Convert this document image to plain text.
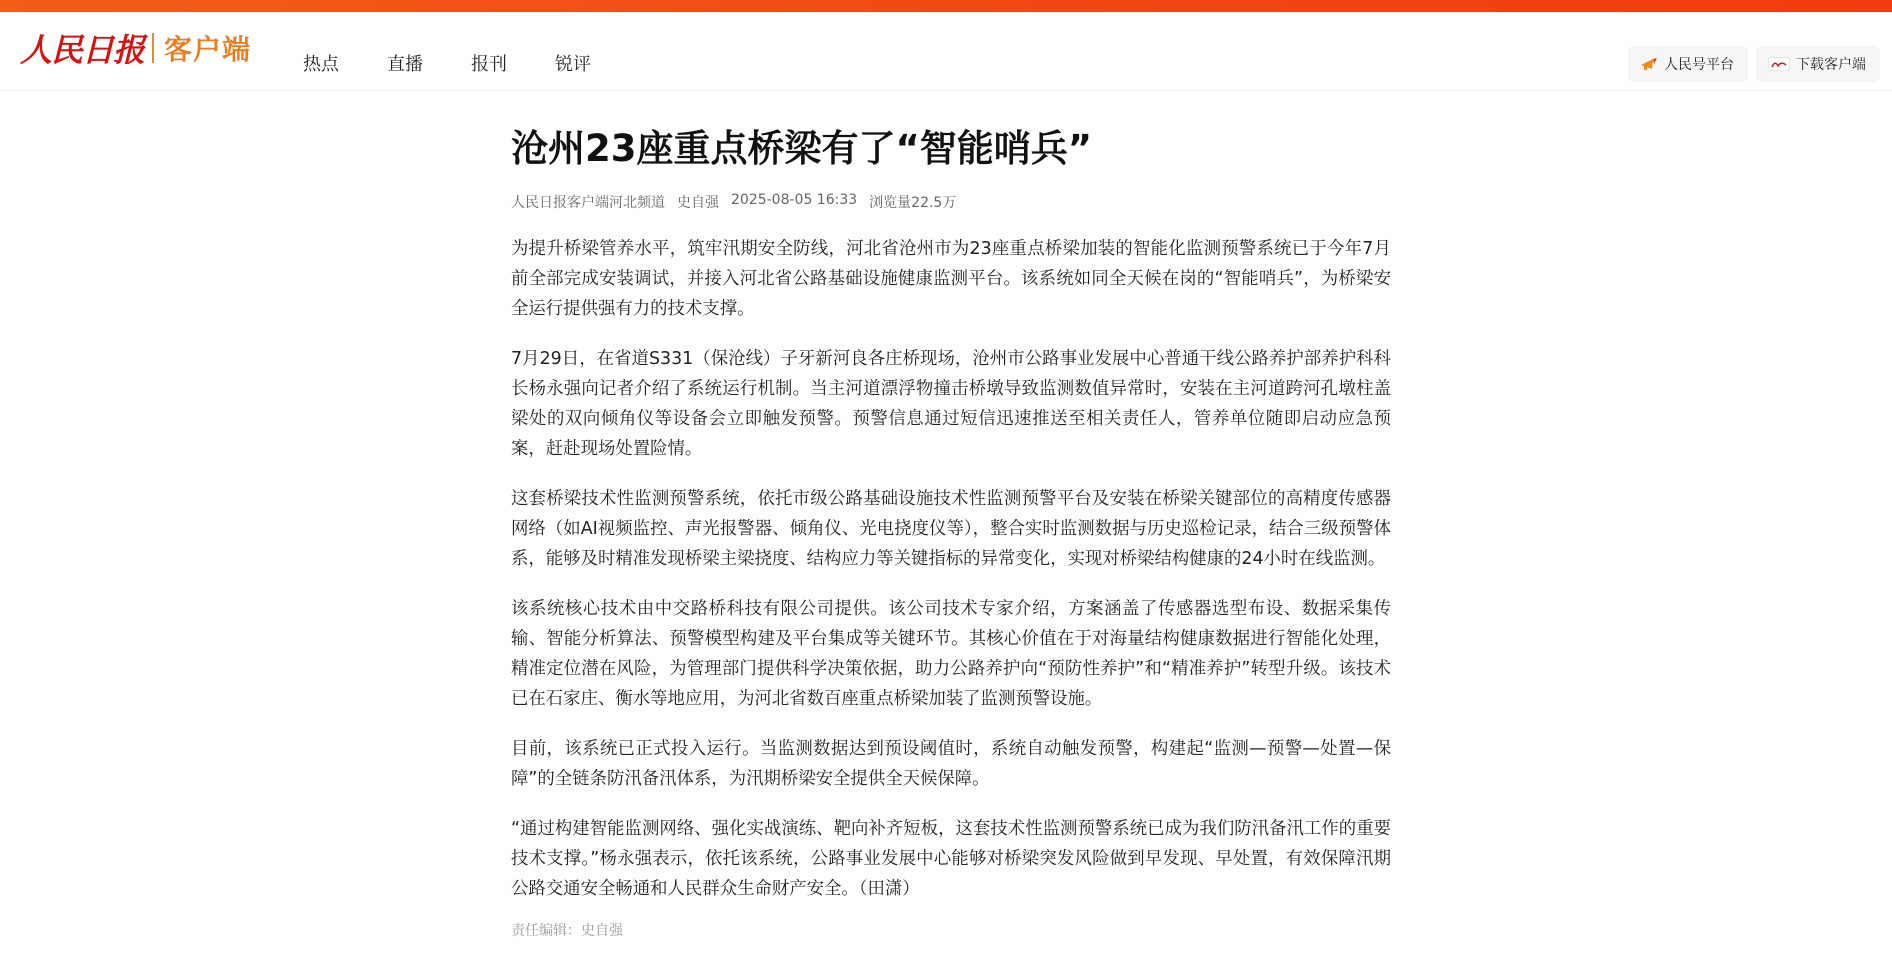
人民日报 客户端	热点	直播	报刊	锐评	人民号平台	下载客户端
沧州23座重点桥梁有了“智能哨兵”
人民日报客户端河北频道 史自强 2025-08-05 16:33 浏览量22.5万

为提升桥梁管养水平，筑牢汛期安全防线，河北省沧州市为23座重点桥梁加装的智能化监测预警系统已于今年7月前全部完成安装调试，并接入河北省公路基础设施健康监测平台。该系统如同全天候在岗的“智能哨兵”，为桥梁安全运行提供强有力的技术支撑。

7月29日，在省道S331（保沧线）子牙新河良各庄桥现场，沧州市公路事业发展中心普通干线公路养护部养护科科长杨永强向记者介绍了系统运行机制。当主河道漂浮物撞击桥墩导致监测数值异常时，安装在主河道跨河孔墩柱盖梁处的双向倾角仪等设备会立即触发预警。预警信息通过短信迅速推送至相关责任人，管养单位随即启动应急预案，赶赴现场处置险情。

这套桥梁技术性监测预警系统，依托市级公路基础设施技术性监测预警平台及安装在桥梁关键部位的高精度传感器网络（如AI视频监控、声光报警器、倾角仪、光电挠度仪等），整合实时监测数据与历史巡检记录，结合三级预警体系，能够及时精准发现桥梁主梁挠度、结构应力等关键指标的异常变化，实现对桥梁结构健康的24小时在线监测。

该系统核心技术由中交路桥科技有限公司提供。该公司技术专家介绍，方案涵盖了传感器选型布设、数据采集传输、智能分析算法、预警模型构建及平台集成等关键环节。其核心价值在于对海量结构健康数据进行智能化处理，精准定位潜在风险，为管理部门提供科学决策依据，助力公路养护向“预防性养护”和“精准养护”转型升级。该技术已在石家庄、衡水等地应用，为河北省数百座重点桥梁加装了监测预警设施。

目前，该系统已正式投入运行。当监测数据达到预设阈值时，系统自动触发预警，构建起“监测—预警—处置—保障”的全链条防汛备汛体系，为汛期桥梁安全提供全天候保障。

“通过构建智能监测网络、强化实战演练、靶向补齐短板，这套技术性监测预警系统已成为我们防汛备汛工作的重要技术支撑。”杨永强表示，依托该系统，公路事业发展中心能够对桥梁突发风险做到早发现、早处置，有效保障汛期公路交通安全畅通和人民群众生命财产安全。（田潇）

责任编辑：史自强
